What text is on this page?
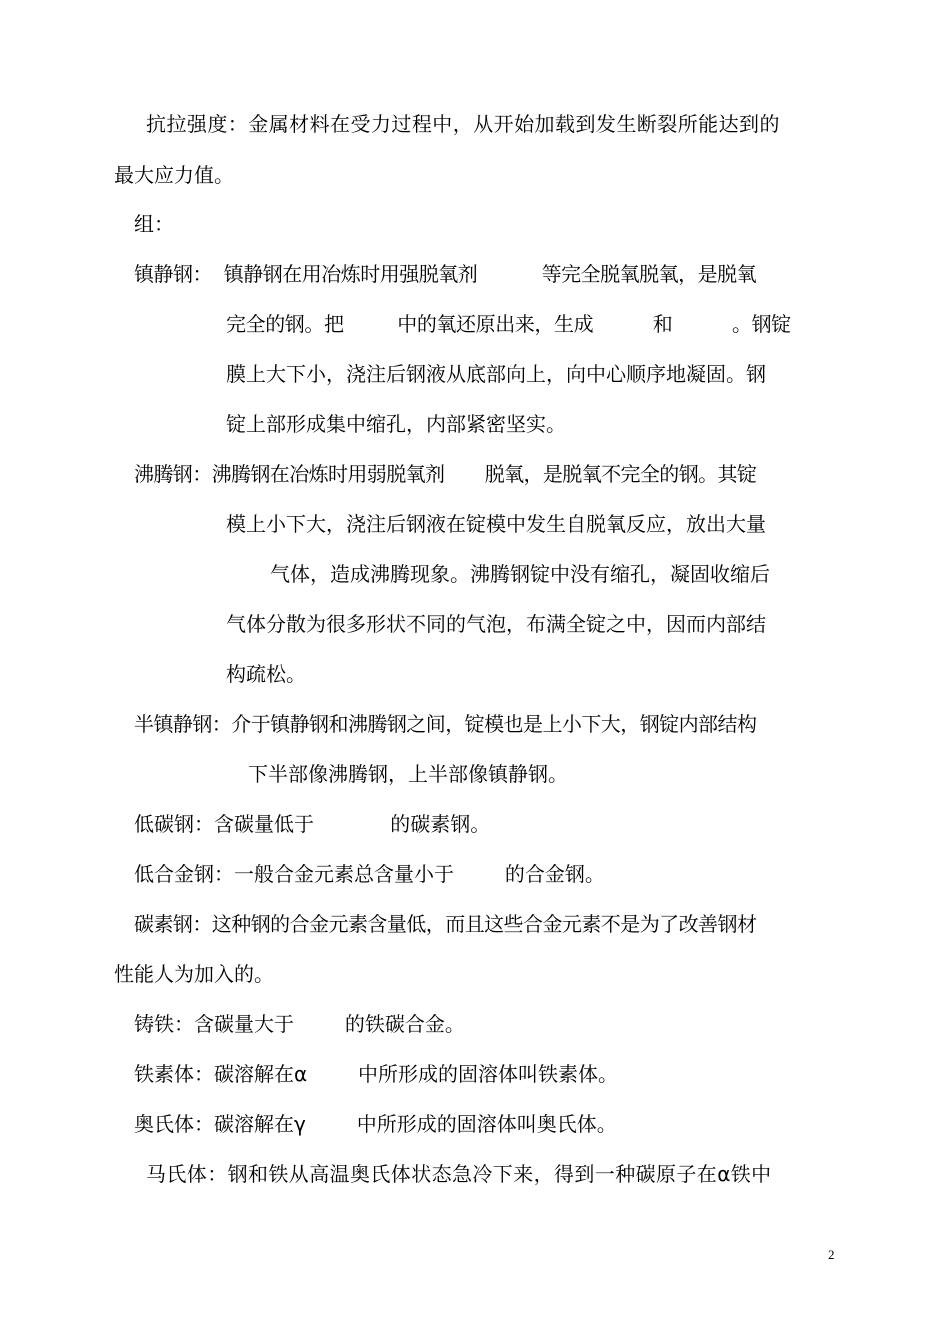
抗拉强度：金属材料在受力过程中，从开始加载到发生断裂所能达到的
最大应力值。
组：
镇静钢：  镇静钢在用冶炼时用强脱氧剂           等完全脱氧脱氧，是脱氧
完全的钢。把         中的氧还原出来，生成          和          。钢锭
膜上大下小，浇注后钢液从底部向上，向中心顺序地凝固。钢
锭上部形成集中缩孔，内部紧密坚实。
沸腾钢：沸腾钢在冶炼时用弱脱氧剂       脱氧，是脱氧不完全的钢。其锭
模上小下大，浇注后钢液在锭模中发生自脱氧反应，放出大量
气体，造成沸腾现象。沸腾钢锭中没有缩孔，凝固收缩后
气体分散为很多形状不同的气泡，布满全锭之中，因而内部结
构疏松。
半镇静钢：介于镇静钢和沸腾钢之间，锭模也是上小下大，钢锭内部结构
下半部像沸腾钢，上半部像镇静钢。
低碳钢：含碳量低于            的碳素钢。
低合金钢：一般合金元素总含量小于        的合金钢。
碳素钢：这种钢的合金元素含量低，而且这些合金元素不是为了改善钢材
性能人为加入的。
铸铁：含碳量大于        的铁碳合金。
铁素体：碳溶解在α        中所形成的固溶体叫铁素体。
奥氏体：碳溶解在γ        中所形成的固溶体叫奥氏体。
马氏体：钢和铁从高温奥氏体状态急冷下来，得到一种碳原子在α铁中
2
